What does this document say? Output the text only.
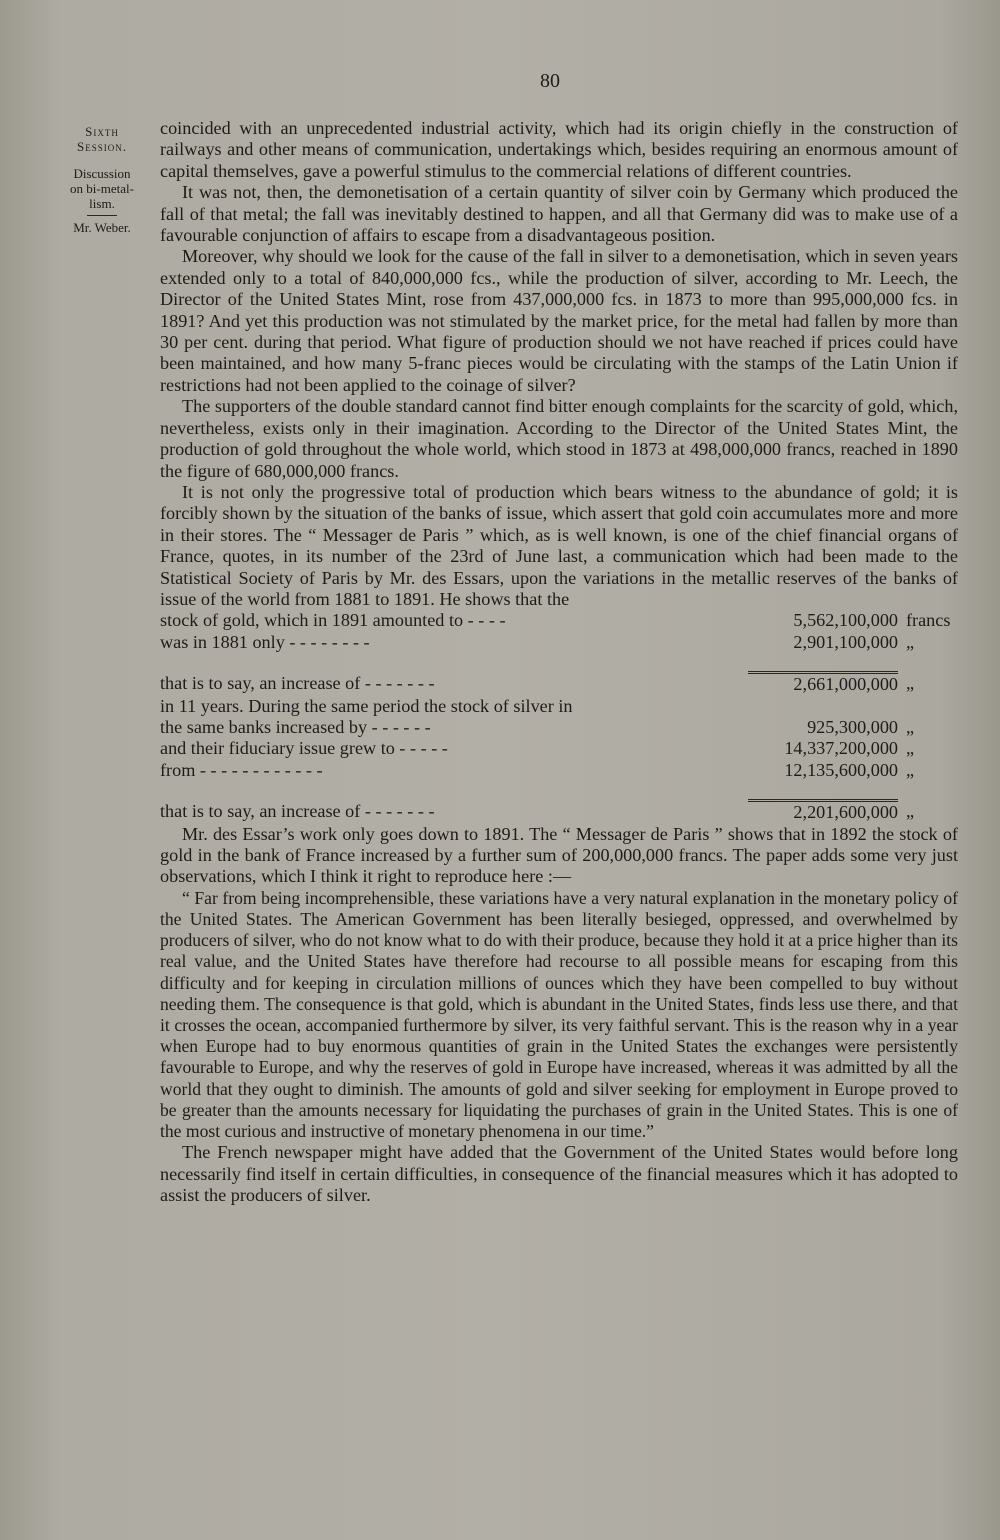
80
Sixth
Session.
Discussion
on bi-metal-
lism.
Mr. Weber.

coincided with an unprecedented industrial activity, which had its origin chiefly in the construction of railways and other means of communication, undertakings which, besides requiring an enormous amount of capital themselves, gave a powerful stimulus to the commercial relations of different countries.

It was not, then, the demonetisation of a certain quantity of silver coin by Germany which produced the fall of that metal; the fall was inevitably destined to happen, and all that Germany did was to make use of a favourable conjunction of affairs to escape from a disadvantageous position.

Moreover, why should we look for the cause of the fall in silver to a demonetisation, which in seven years extended only to a total of 840,000,000 fcs., while the production of silver, according to Mr. Leech, the Director of the United States Mint, rose from 437,000,000 fcs. in 1873 to more than 995,000,000 fcs. in 1891? And yet this production was not stimulated by the market price, for the metal had fallen by more than 30 per cent. during that period. What figure of production should we not have reached if prices could have been maintained, and how many 5-franc pieces would be circulating with the stamps of the Latin Union if restrictions had not been applied to the coinage of silver?

The supporters of the double standard cannot find bitter enough complaints for the scarcity of gold, which, nevertheless, exists only in their imagination. According to the Director of the United States Mint, the production of gold throughout the whole world, which stood in 1873 at 498,000,000 francs, reached in 1890 the figure of 680,000,000 francs.

It is not only the progressive total of production which bears witness to the abundance of gold; it is forcibly shown by the situation of the banks of issue, which assert that gold coin accumulates more and more in their stores. The “ Messager de Paris ” which, as is well known, is one of the chief financial organs of France, quotes, in its number of the 23rd of June last, a communication which had been made to the Statistical Society of Paris by Mr. des Essars, upon the variations in the metallic reserves of the banks of issue of the world from 1881 to 1891. He shows that the

stock of gold, which in 1891 amounted to - - - -	5,562,100,000	francs
was in 1881 only - - - - - - - -	2,901,100,000	„

that is to say, an increase of - - - - - - -	2,661,000,000	„
in 11 years. During the same period the stock of silver in		
the same banks increased by - - - - - -	925,300,000	„
and their fiduciary issue grew to - - - - -	14,337,200,000	„
from - - - - - - - - - - - -	12,135,600,000	„

that is to say, an increase of - - - - - - -	2,201,600,000	„

Mr. des Essar’s work only goes down to 1891. The “ Messager de Paris ” shows that in 1892 the stock of gold in the bank of France increased by a further sum of 200,000,000 francs. The paper adds some very just observations, which I think it right to reproduce here :—

“ Far from being incomprehensible, these variations have a very natural explanation in the monetary policy of the United States. The American Government has been literally besieged, oppressed, and overwhelmed by producers of silver, who do not know what to do with their produce, because they hold it at a price higher than its real value, and the United States have therefore had recourse to all possible means for escaping from this difficulty and for keeping in circulation millions of ounces which they have been compelled to buy without needing them. The consequence is that gold, which is abundant in the United States, finds less use there, and that it crosses the ocean, accompanied furthermore by silver, its very faithful servant. This is the reason why in a year when Europe had to buy enormous quantities of grain in the United States the exchanges were persistently favourable to Europe, and why the reserves of gold in Europe have increased, whereas it was admitted by all the world that they ought to diminish. The amounts of gold and silver seeking for employment in Europe proved to be greater than the amounts necessary for liquidating the purchases of grain in the United States. This is one of the most curious and instructive of monetary phenomena in our time.”

The French newspaper might have added that the Government of the United States would before long necessarily find itself in certain difficulties, in consequence of the financial measures which it has adopted to assist the producers of silver.
